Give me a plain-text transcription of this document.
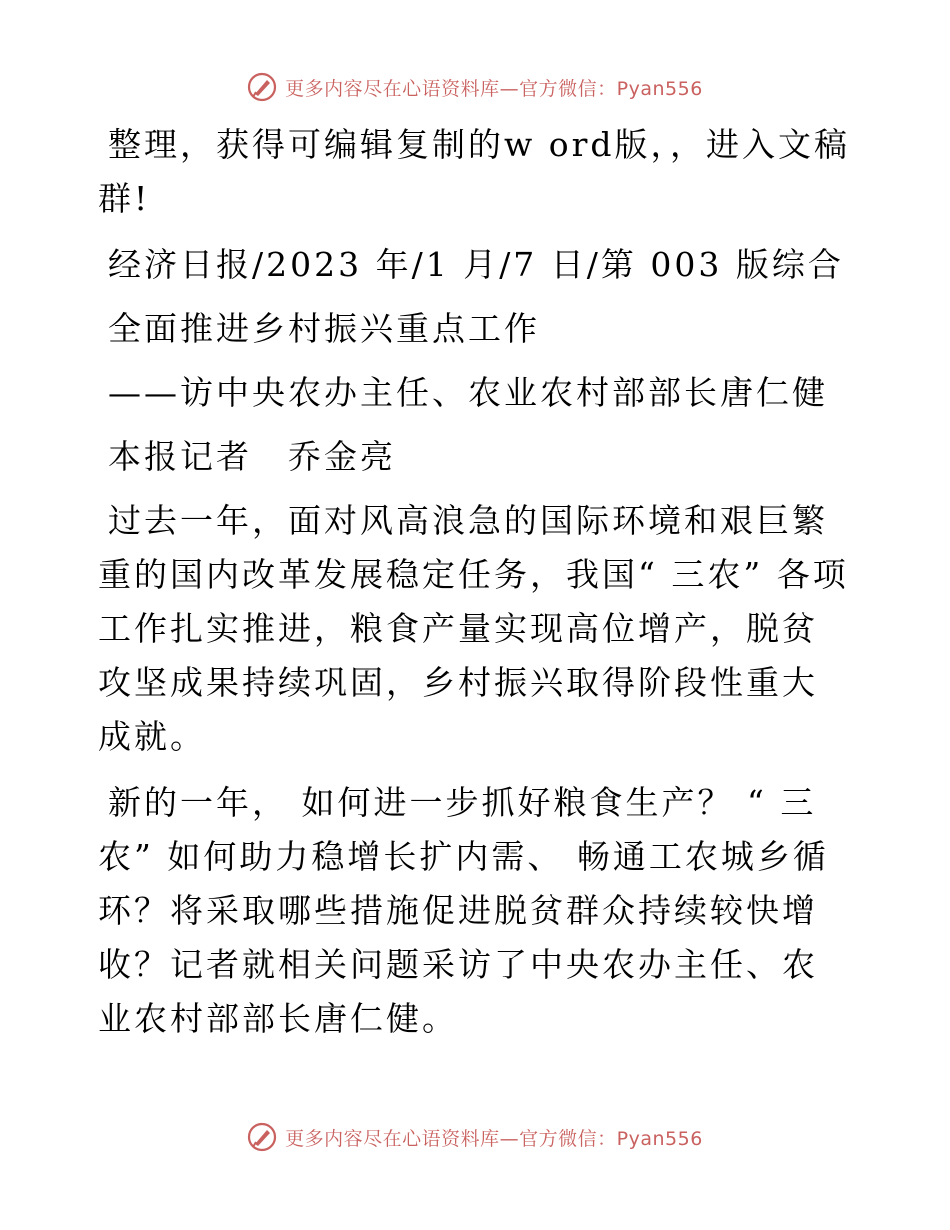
更多内容尽在心语资料库—官方微信：Pyan556

整理，获得可编辑复制的w ord版，，进入文稿群!

经济日报/2023 年/1 月/7 日/第 003 版综合

全面推进乡村振兴重点工作

——访中央农办主任、农业农村部部长唐仁健

本报记者　乔金亮

过去一年，面对风高浪急的国际环境和艰巨繁重的国内改革发展稳定任务，我国“ 三农” 各项工作扎实推进，粮食产量实现高位增产，脱贫攻坚成果持续巩固，乡村振兴取得阶段性重大成就。

新的一年， 如何进一步抓好粮食生产？ “ 三农” 如何助力稳增长扩内需、 畅通工农城乡循环？将采取哪些措施促进脱贫群众持续较快增收？记者就相关问题采访了中央农办主任、农业农村部部长唐仁健。

更多内容尽在心语资料库—官方微信：Pyan556
